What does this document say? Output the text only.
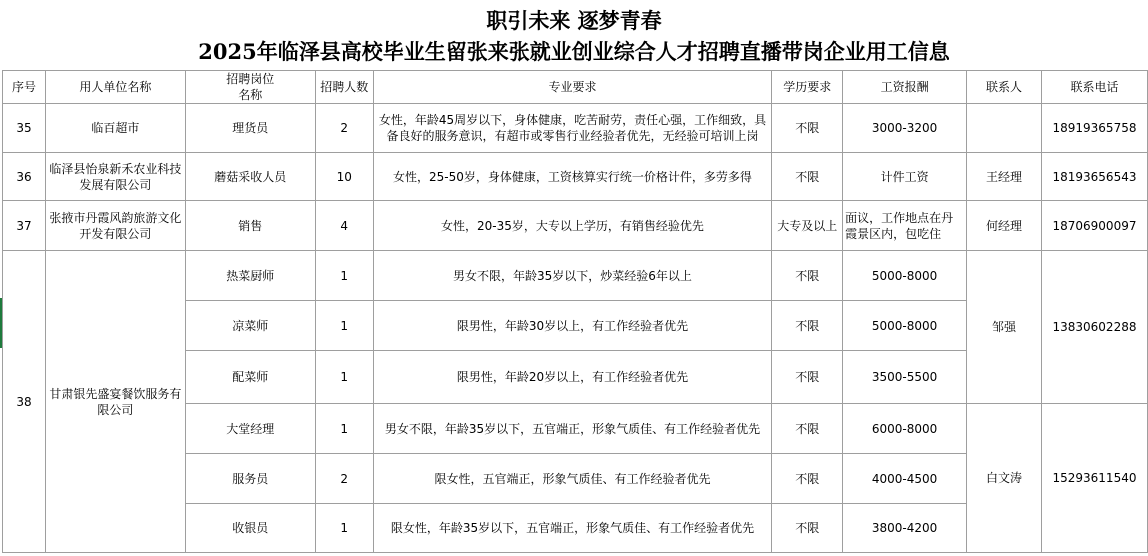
职引未来 逐梦青春
2025年临泽县高校毕业生留张来张就业创业综合人才招聘直播带岗企业用工信息
序号	用人单位名称	招聘岗位名称	招聘人数	专业要求	学历要求	工资报酬	联系人	联系电话
35	临百超市	理货员	2	女性，年龄45周岁以下，身体健康，吃苦耐劳，责任心强，工作细致，具备良好的服务意识，有超市或零售行业经验者优先，无经验可培训上岗	不限	3000-3200		18919365758
36	临泽县怡泉新禾农业科技发展有限公司	蘑菇采收人员	10	女性，25-50岁，身体健康，工资核算实行统一价格计件，多劳多得	不限	计件工资	王经理	18193656543
37	张掖市丹霞风韵旅游文化开发有限公司	销售	4	女性，20-35岁，大专以上学历，有销售经验优先	大专及以上	面议，工作地点在丹霞景区内，包吃住	何经理	18706900097
38	甘肃银先盛宴餐饮服务有限公司	热菜厨师	1	男女不限，年龄35岁以下，炒菜经验6年以上	不限	5000-8000	邹强	13830602288
		凉菜师	1	限男性，年龄30岁以上，有工作经验者优先	不限	5000-8000		
		配菜师	1	限男性，年龄20岁以上，有工作经验者优先	不限	3500-5500		
		大堂经理	1	男女不限，年龄35岁以下，五官端正，形象气质佳、有工作经验者优先	不限	6000-8000	白文涛	15293611540
		服务员	2	限女性，五官端正，形象气质佳、有工作经验者优先	不限	4000-4500		
		收银员	1	限女性，年龄35岁以下，五官端正，形象气质佳、有工作经验者优先	不限	3800-4200		
